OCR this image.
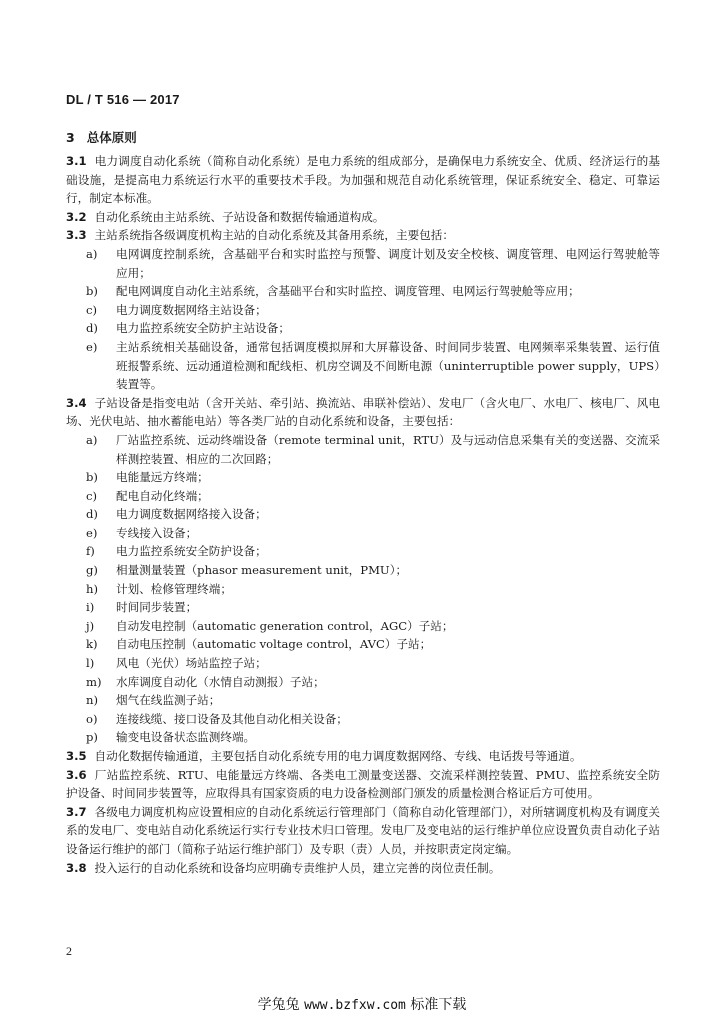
DL / T 516 — 2017
3 总体原则
3.1 电力调度自动化系统（简称自动化系统）是电力系统的组成部分，是确保电力系统安全、优质、经济运行的基础设施，是提高电力系统运行水平的重要技术手段。为加强和规范自动化系统管理，保证系统安全、稳定、可靠运行，制定本标准。
3.2 自动化系统由主站系统、子站设备和数据传输通道构成。
3.3 主站系统指各级调度机构主站的自动化系统及其备用系统，主要包括：
a) 电网调度控制系统，含基础平台和实时监控与预警、调度计划及安全校核、调度管理、电网运行驾驶舱等应用；
b) 配电网调度自动化主站系统，含基础平台和实时监控、调度管理、电网运行驾驶舱等应用；
c) 电力调度数据网络主站设备；
d) 电力监控系统安全防护主站设备；
e) 主站系统相关基础设备，通常包括调度模拟屏和大屏幕设备、时间同步装置、电网频率采集装置、运行值班报警系统、远动通道检测和配线柜、机房空调及不间断电源（uninterruptible power supply，UPS）装置等。
3.4 子站设备是指变电站（含开关站、牵引站、换流站、串联补偿站）、发电厂（含火电厂、水电厂、核电厂、风电场、光伏电站、抽水蓄能电站）等各类厂站的自动化系统和设备，主要包括：
a) 厂站监控系统、远动终端设备（remote terminal unit，RTU）及与远动信息采集有关的变送器、交流采样测控装置、相应的二次回路；
b) 电能量远方终端；
c) 配电自动化终端；
d) 电力调度数据网络接入设备；
e) 专线接入设备；
f) 电力监控系统安全防护设备；
g) 相量测量装置（phasor measurement unit，PMU）；
h) 计划、检修管理终端；
i) 时间同步装置；
j) 自动发电控制（automatic generation control，AGC）子站；
k) 自动电压控制（automatic voltage control，AVC）子站；
l) 风电（光伏）场站监控子站；
m) 水库调度自动化（水情自动测报）子站；
n) 烟气在线监测子站；
o) 连接线缆、接口设备及其他自动化相关设备；
p) 输变电设备状态监测终端。
3.5 自动化数据传输通道，主要包括自动化系统专用的电力调度数据网络、专线、电话拨号等通道。
3.6 厂站监控系统、RTU、电能量远方终端、各类电工测量变送器、交流采样测控装置、PMU、监控系统安全防护设备、时间同步装置等，应取得具有国家资质的电力设备检测部门颁发的质量检测合格证后方可使用。
3.7 各级电力调度机构应设置相应的自动化系统运行管理部门（简称自动化管理部门），对所辖调度机构及有调度关系的发电厂、变电站自动化系统运行实行专业技术归口管理。发电厂及变电站的运行维护单位应设置负责自动化子站设备运行维护的部门（简称子站运行维护部门）及专职（责）人员，并按职责定岗定编。
3.8 投入运行的自动化系统和设备均应明确专责维护人员，建立完善的岗位责任制。
2
学兔兔 www.bzfxw.com 标准下载
